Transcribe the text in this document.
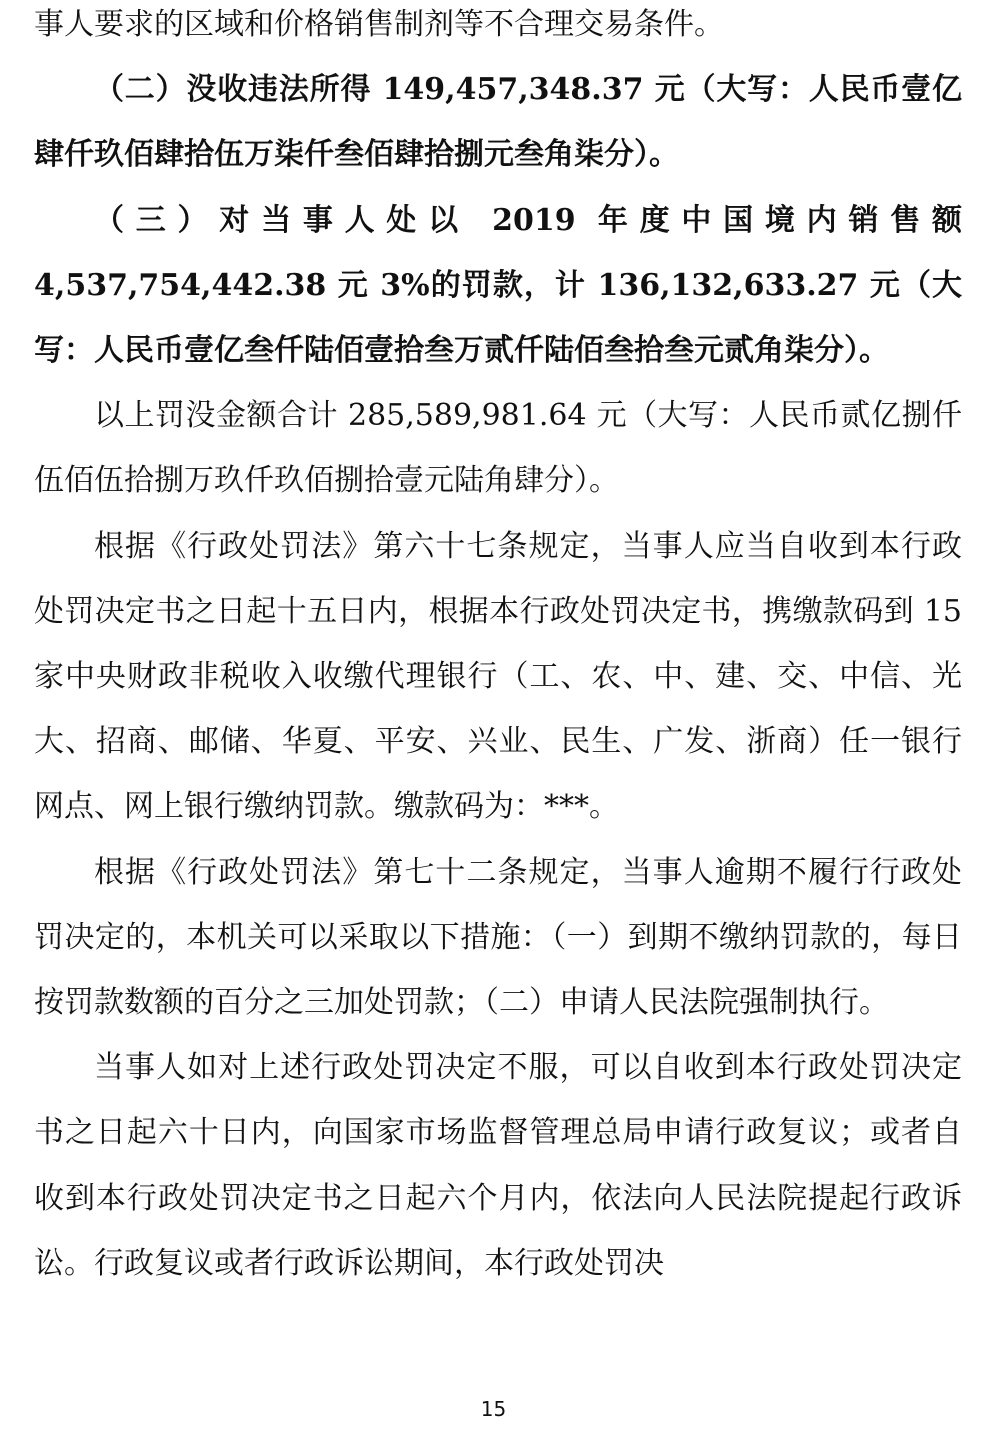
事人要求的区域和价格销售制剂等不合理交易条件。

（二）没收违法所得 149,457,348.37 元（大写：人民币壹亿肆仟玖佰肆拾伍万柒仟叁佰肆拾捌元叁角柒分）。

（三）对当事人处以 2019 年度中国境内销售额 4,537,754,442.38 元 3%的罚款，计 136,132,633.27 元（大写：人民币壹亿叁仟陆佰壹拾叁万贰仟陆佰叁拾叁元贰角柒分）。

以上罚没金额合计 285,589,981.64 元（大写：人民币贰亿捌仟伍佰伍拾捌万玖仟玖佰捌拾壹元陆角肆分）。

根据《行政处罚法》第六十七条规定，当事人应当自收到本行政处罚决定书之日起十五日内，根据本行政处罚决定书，携缴款码到 15 家中央财政非税收入收缴代理银行（工、农、中、建、交、中信、光大、招商、邮储、华夏、平安、兴业、民生、广发、浙商）任一银行网点、网上银行缴纳罚款。缴款码为：***。

根据《行政处罚法》第七十二条规定，当事人逾期不履行行政处罚决定的，本机关可以采取以下措施：（一）到期不缴纳罚款的，每日按罚款数额的百分之三加处罚款；（二）申请人民法院强制执行。

当事人如对上述行政处罚决定不服，可以自收到本行政处罚决定书之日起六十日内，向国家市场监督管理总局申请行政复议；或者自收到本行政处罚决定书之日起六个月内，依法向人民法院提起行政诉讼。行政复议或者行政诉讼期间，本行政处罚决

15
